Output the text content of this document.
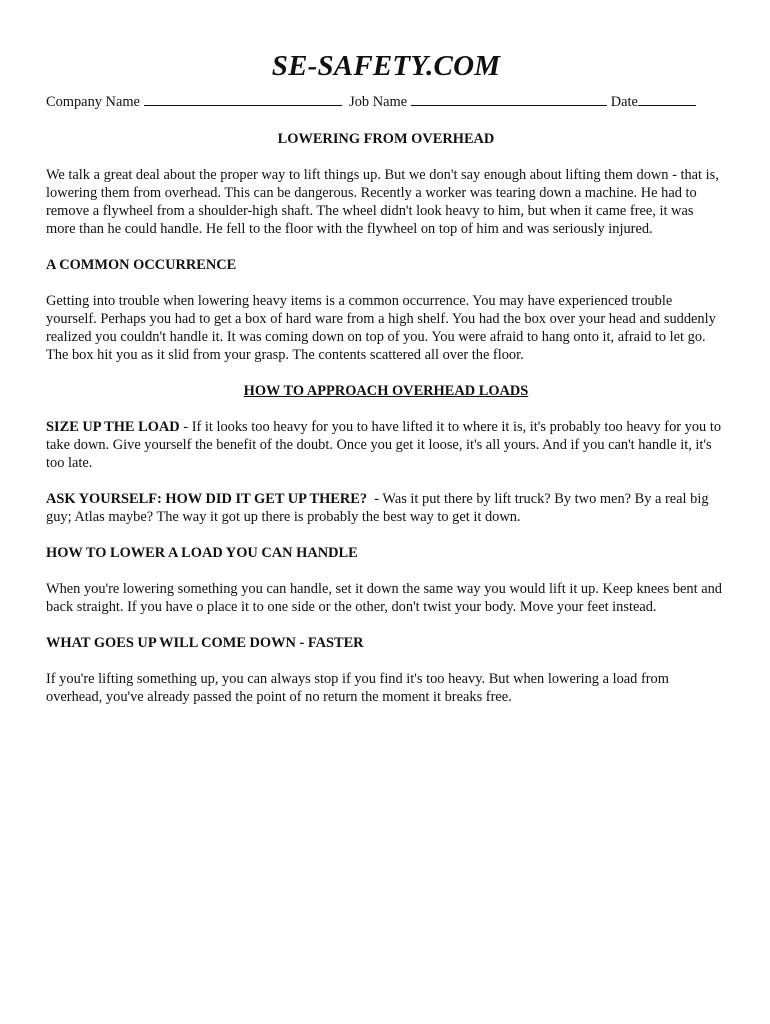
SE-SAFETY.COM
Company Name	Job Name	Date
LOWERING FROM OVERHEAD

We talk a great deal about the proper way to lift things up. But we don't say enough about lifting them down - that is, lowering them from overhead. This can be dangerous. Recently a worker was tearing down a machine. He had to remove a flywheel from a shoulder-high shaft. The wheel didn't look heavy to him, but when it came free, it was more than he could handle. He fell to the floor with the flywheel on top of him and was seriously injured.

A COMMON OCCURRENCE

Getting into trouble when lowering heavy items is a common occurrence. You may have experienced trouble yourself. Perhaps you had to get a box of hard ware from a high shelf. You had the box over your head and suddenly realized you couldn't handle it. It was coming down on top of you. You were afraid to hang onto it, afraid to let go. The box hit you as it slid from your grasp. The contents scattered all over the floor.

HOW TO APPROACH OVERHEAD LOADS

SIZE UP THE LOAD - If it looks too heavy for you to have lifted it to where it is, it's probably too heavy for you to take down. Give yourself the benefit of the doubt. Once you get it loose, it's all yours. And if you can't handle it, it's too late.

ASK YOURSELF: HOW DID IT GET UP THERE?  - Was it put there by lift truck? By two men? By a real big guy; Atlas maybe? The way it got up there is probably the best way to get it down.

HOW TO LOWER A LOAD YOU CAN HANDLE

When you're lowering something you can handle, set it down the same way you would lift it up. Keep knees bent and back straight. If you have o place it to one side or the other, don't twist your body. Move your feet instead.

WHAT GOES UP WILL COME DOWN - FASTER

If you're lifting something up, you can always stop if you find it's too heavy. But when lowering a load from overhead, you've already passed the point of no return the moment it breaks free.
